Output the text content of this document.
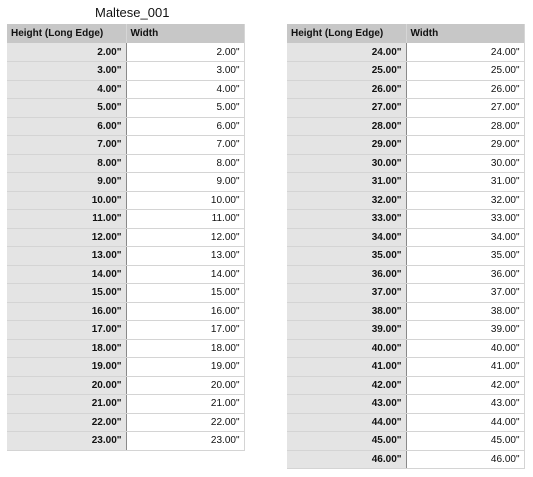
Maltese_001
Height (Long Edge)	Width
2.00"	2.00"
3.00"	3.00"
4.00"	4.00"
5.00"	5.00"
6.00"	6.00"
7.00"	7.00"
8.00"	8.00"
9.00"	9.00"
10.00"	10.00"
11.00"	11.00"
12.00"	12.00"
13.00"	13.00"
14.00"	14.00"
15.00"	15.00"
16.00"	16.00"
17.00"	17.00"
18.00"	18.00"
19.00"	19.00"
20.00"	20.00"
21.00"	21.00"
22.00"	22.00"
23.00"	23.00"
Height (Long Edge)	Width
24.00"	24.00"
25.00"	25.00"
26.00"	26.00"
27.00"	27.00"
28.00"	28.00"
29.00"	29.00"
30.00"	30.00"
31.00"	31.00"
32.00"	32.00"
33.00"	33.00"
34.00"	34.00"
35.00"	35.00"
36.00"	36.00"
37.00"	37.00"
38.00"	38.00"
39.00"	39.00"
40.00"	40.00"
41.00"	41.00"
42.00"	42.00"
43.00"	43.00"
44.00"	44.00"
45.00"	45.00"
46.00"	46.00"
